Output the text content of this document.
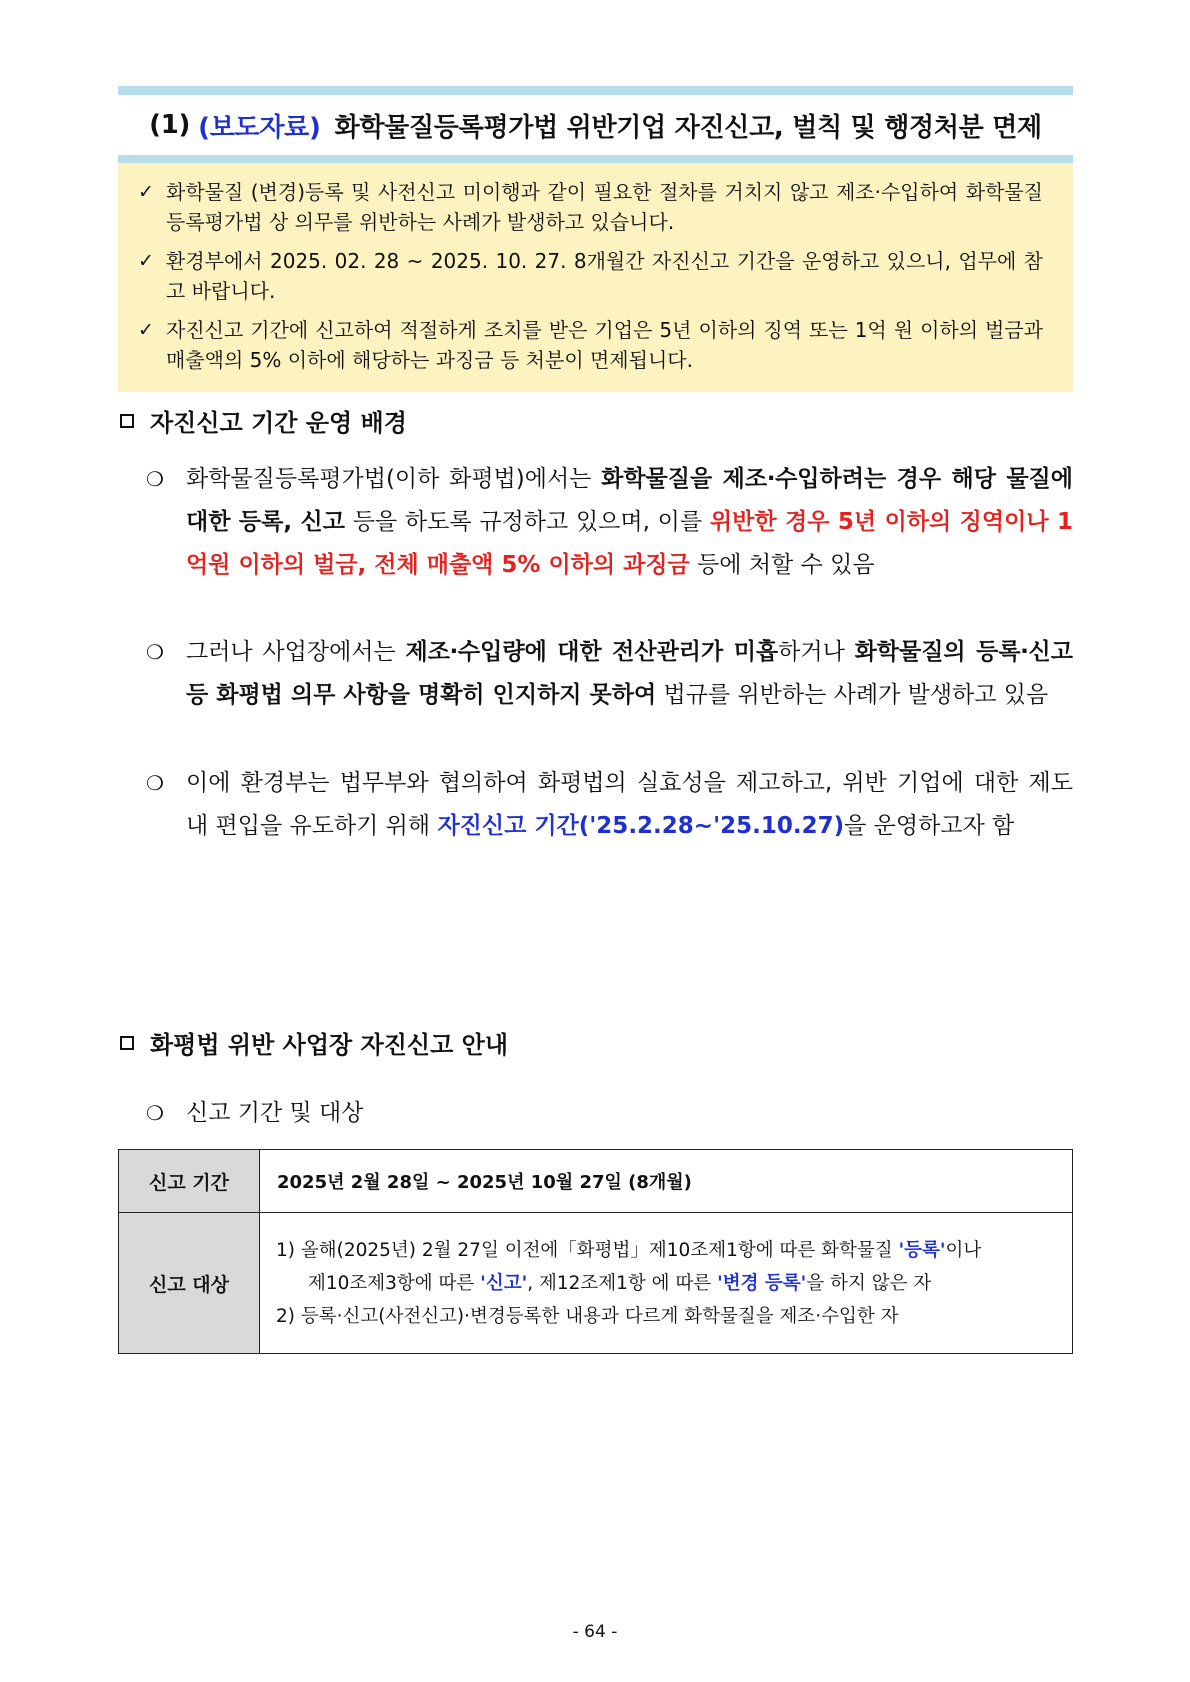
(1) (보도자료) 화학물질등록평가법 위반기업 자진신고, 벌칙 및 행정처분 면제
✓ 화학물질 (변경)등록 및 사전신고 미이행과 같이 필요한 절차를 거치지 않고 제조‧수입하여 화학물질등록평가법 상 의무를 위반하는 사례가 발생하고 있습니다.
✓ 환경부에서 2025. 02. 28 ~ 2025. 10. 27. 8개월간 자진신고 기간을 운영하고 있으니, 업무에 참고 바랍니다.
✓ 자진신고 기간에 신고하여 적절하게 조치를 받은 기업은 5년 이하의 징역 또는 1억 원 이하의 벌금과 매출액의 5% 이하에 해당하는 과징금 등 처분이 면제됩니다.
자진신고 기간 운영 배경
❍ 화학물질등록평가법(이하 화평법)에서는 화학물질을 제조‧수입하려는 경우 해당 물질에 대한 등록, 신고 등을 하도록 규정하고 있으며, 이를 위반한 경우 5년 이하의 징역이나 1억원 이하의 벌금, 전체 매출액 5% 이하의 과징금 등에 처할 수 있음
❍ 그러나 사업장에서는 제조‧수입량에 대한 전산관리가 미흡하거나 화학물질의 등록‧신고 등 화평법 의무 사항을 명확히 인지하지 못하여 법규를 위반하는 사례가 발생하고 있음
❍ 이에 환경부는 법무부와 협의하여 화평법의 실효성을 제고하고, 위반 기업에 대한 제도 내 편입을 유도하기 위해 자진신고 기간('25.2.28~'25.10.27)을 운영하고자 함
화평법 위반 사업장 자진신고 안내
❍ 신고 기간 및 대상
신고 기간	2025년 2월 28일 ~ 2025년 10월 27일 (8개월)
신고 대상	1) 올해(2025년) 2월 27일 이전에「화평법」제10조제1항에 따른 화학물질 '등록'이나
제10조제3항에 따른 '신고', 제12조제1항 에 따른 '변경 등록'을 하지 않은 자
2) 등록‧신고(사전신고)‧변경등록한 내용과 다르게 화학물질을 제조‧수입한 자
- 64 -
